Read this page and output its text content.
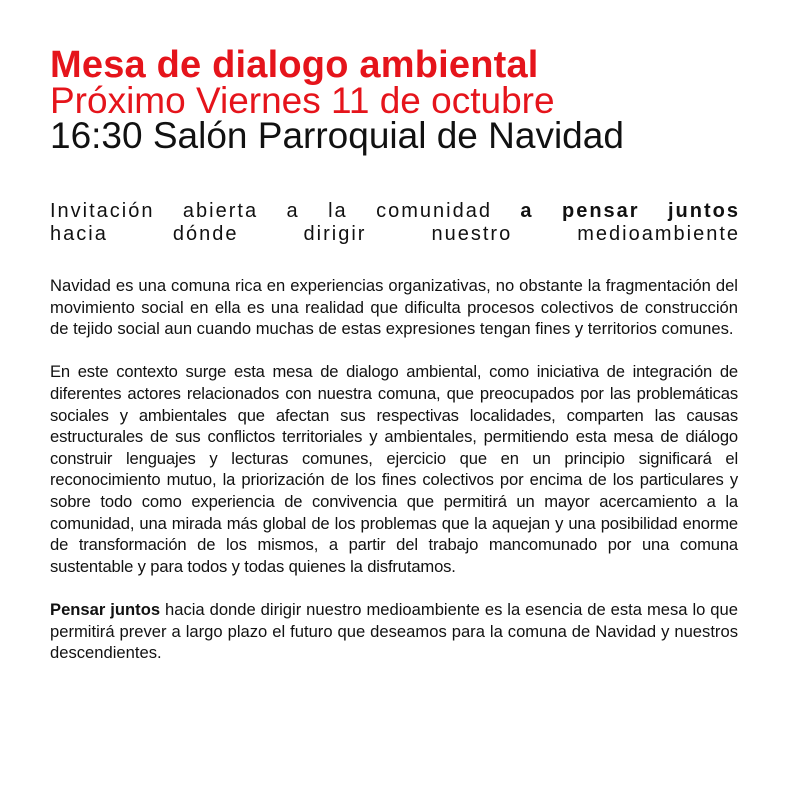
Mesa de dialogo ambiental
Próximo Viernes 11 de octubre
16:30 Salón Parroquial de Navidad
Invitación abierta a la comunidad a pensar juntos
hacia dónde dirigir nuestro medioambiente

Navidad es una comuna rica en experiencias organizativas, no obstante la fragmentación del movimiento social en ella es una realidad que dificulta procesos colectivos de construcción de tejido social aun cuando muchas de estas expresiones tengan fines y territorios comunes.

En este contexto surge esta mesa de dialogo ambiental, como iniciativa de integración de diferentes actores relacionados con nuestra comuna, que preocupados por las problemáticas sociales y ambientales que afectan sus respectivas localidades, comparten las causas estructurales de sus conflictos territoriales y ambientales, permitiendo esta mesa de diálogo construir lenguajes y lecturas comunes, ejercicio que en un principio significará el reconocimiento mutuo, la priorización de los fines colectivos por encima de los particulares y sobre todo como experiencia de convivencia que permitirá un mayor acercamiento a la comunidad, una mirada más global de los problemas que la aquejan y una posibilidad enorme de transformación de los mismos, a partir del trabajo mancomunado por una comuna sustentable y para todos y todas quienes la disfrutamos.

Pensar juntos hacia donde dirigir nuestro medioambiente es la esencia de esta mesa lo que permitirá prever a largo plazo el futuro que deseamos para la comuna de Navidad y nuestros descendientes.
